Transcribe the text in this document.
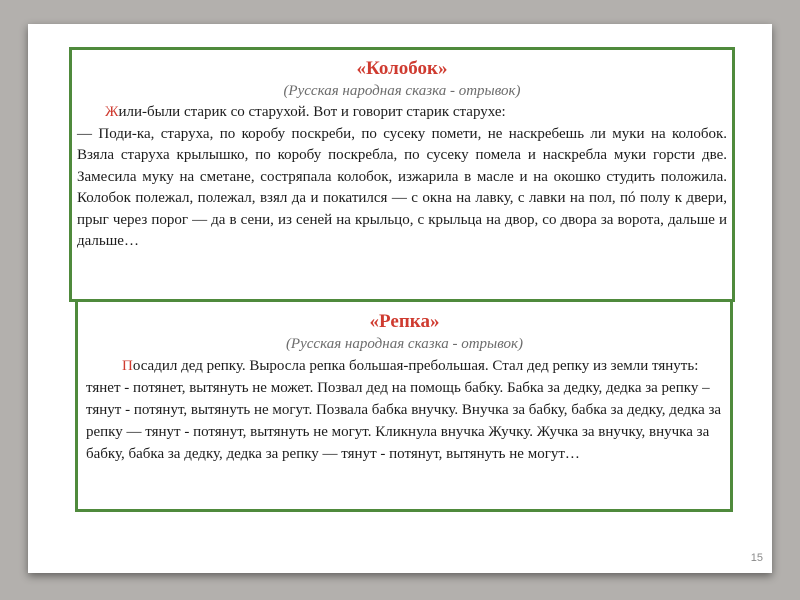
«Колобок»

(Русская народная сказка - отрывок)

Жили-были старик со старухой. Вот и говорит старик старухе:

— Поди-ка, старуха, по коробу поскреби, по сусеку помети, не наскребешь ли муки на колобок. Взяла старуха крылышко, по коробу поскребла, по сусеку помела и наскребла муки горсти две. Замесила муку на сметане, состряпала колобок, изжарила в масле и на окошко студить положила. Колобок полежал, полежал, взял да и покатился — с окна на лавку, с лавки на пол, пó полу к двери, прыг через порог — да в сени, из сеней на крыльцо, с крыльца на двор, со двора за ворота, дальше и дальше…

«Репка»

(Русская народная сказка - отрывок)

Посадил дед репку. Выросла репка большая-пребольшая. Стал дед репку из земли тянуть: тянет - потянет, вытянуть не может. Позвал дед на помощь бабку. Бабка за дедку, дедка за репку – тянут - потянут, вытянуть не могут. Позвала бабка внучку. Внучка за бабку, бабка за дедку, дедка за репку — тянут - потянут, вытянуть не могут. Кликнула внучка Жучку. Жучка за внучку, внучка за бабку, бабка за дедку, дедка за репку — тянут - потянут, вытянуть не могут…

15
